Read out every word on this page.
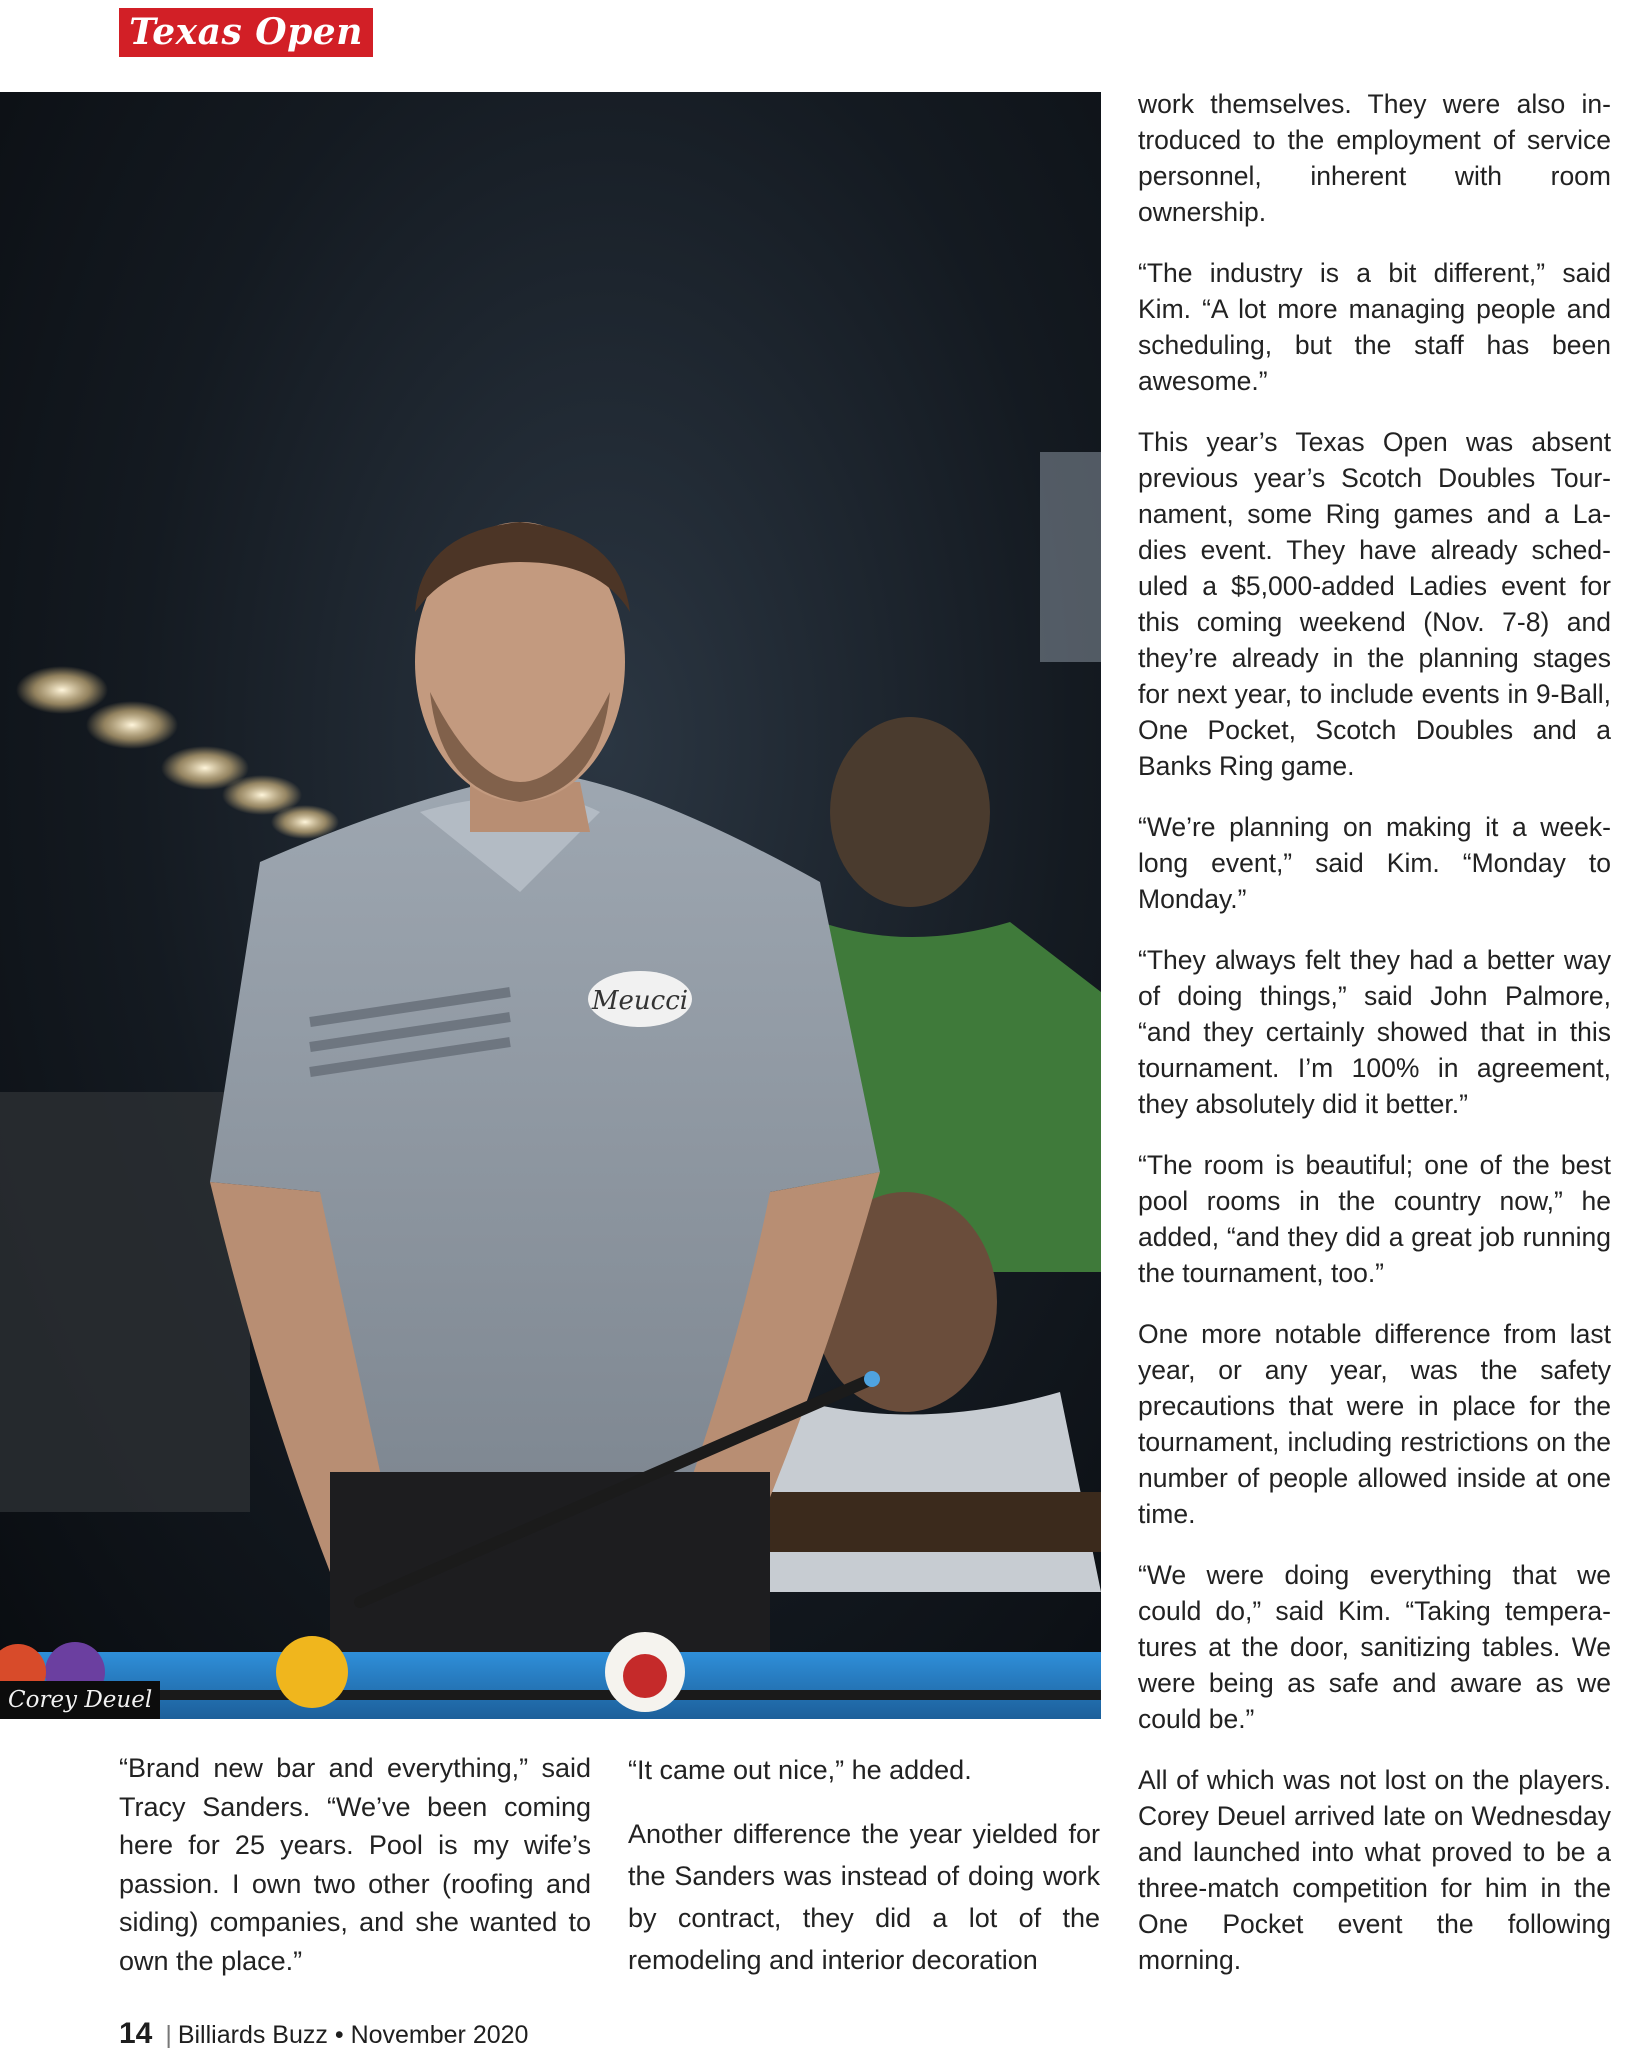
Texas Open
Meucci
Corey Deuel

work themselves. They were also introduced to the employment of service personnel, inherent with room ownership.

“The industry is a bit different,” said Kim. “A lot more managing people and scheduling, but the staff has been awesome.”

This year’s Texas Open was absent previous year’s Scotch Doubles Tournament, some Ring games and a Ladies event. They have already scheduled a $5,000-added Ladies event for this coming weekend (Nov. 7-8) and they’re already in the planning stages for next year, to include events in 9-Ball, One Pocket, Scotch Doubles and a Banks Ring game.

“We’re planning on making it a weeklong event,” said Kim. “Monday to Monday.”

“They always felt they had a better way of doing things,” said John Palmore, “and they certainly showed that in this tournament. I’m 100% in agreement, they absolutely did it better.”

“The room is beautiful; one of the best pool rooms in the country now,” he added, “and they did a great job running the tournament, too.”

One more notable difference from last year, or any year, was the safety precautions that were in place for the tournament, including restrictions on the number of people allowed inside at one time.

“We were doing everything that we could do,” said Kim. “Taking temperatures at the door, sanitizing tables. We were being as safe and aware as we could be.”

All of which was not lost on the players. Corey Deuel arrived late on Wednesday and launched into what proved to be a three-match competition for him in the One Pocket event the following morning.

“Brand new bar and everything,” said Tracy Sanders. “We’ve been coming here for 25 years. Pool is my wife’s passion. I own two other (roofing and siding) companies, and she wanted to own the place.”

“It came out nice,” he added.

Another difference the year yielded for the Sanders was instead of doing work by contract, they did a lot of the remodeling and interior decoration

14 | Billiards Buzz • November 2020
